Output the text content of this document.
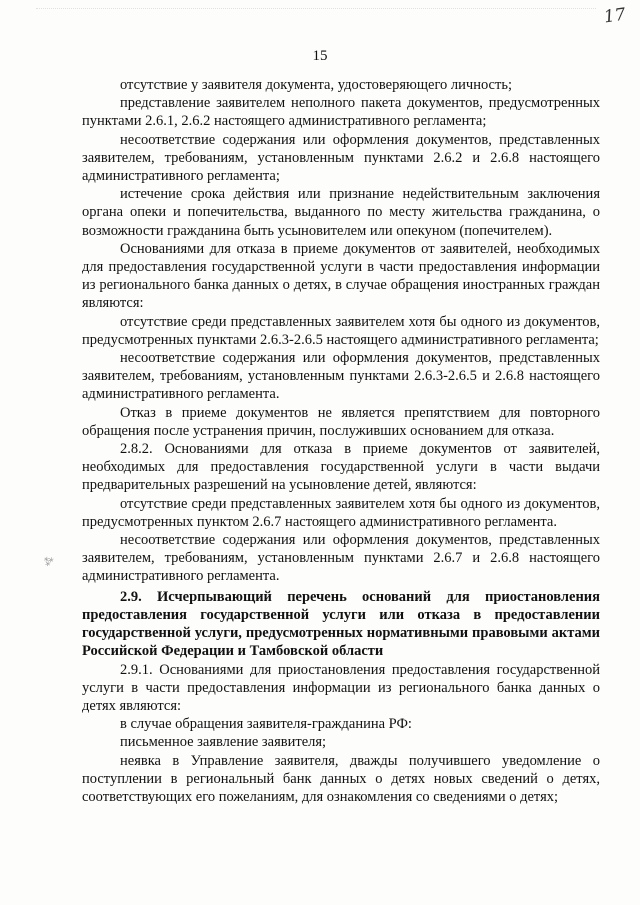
17
15
⁂

отсутствие у заявителя документа, удостоверяющего личность;

представление заявителем неполного пакета документов, предусмотренных пунктами 2.6.1, 2.6.2 настоящего административного регламента;

несоответствие содержания или оформления документов, представленных заявителем, требованиям, установленным пунктами 2.6.2 и 2.6.8 настоящего административного регламента;

истечение срока действия или признание недействительным заключения органа опеки и попечительства, выданного по месту жительства гражданина, о возможности гражданина быть усыновителем или опекуном (попечителем).

Основаниями для отказа в приеме документов от заявителей, необходимых для предоставления государственной услуги в части предоставления информации из регионального банка данных о детях, в случае обращения иностранных граждан являются:

отсутствие среди представленных заявителем хотя бы одного из документов, предусмотренных пунктами 2.6.3-2.6.5 настоящего административного регламента;

несоответствие содержания или оформления документов, представленных заявителем, требованиям, установленным пунктами 2.6.3-2.6.5 и 2.6.8 настоящего административного регламента.

Отказ в приеме документов не является препятствием для повторного обращения после устранения причин, послуживших основанием для отказа.

2.8.2. Основаниями для отказа в приеме документов от заявителей, необходимых для предоставления государственной услуги в части выдачи предварительных разрешений на усыновление детей, являются:

отсутствие среди представленных заявителем хотя бы одного из документов, предусмотренных пунктом 2.6.7 настоящего административного регламента.

несоответствие содержания или оформления документов, представленных заявителем, требованиям, установленным пунктами 2.6.7 и 2.6.8 настоящего административного регламента.

2.9. Исчерпывающий перечень оснований для приостановления предоставления государственной услуги или отказа в предоставлении государственной услуги, предусмотренных нормативными правовыми актами Российской Федерации и Тамбовской области

2.9.1. Основаниями для приостановления предоставления государственной услуги в части предоставления информации из регионального банка данных о детях являются:

в случае обращения заявителя-гражданина РФ:

письменное заявление заявителя;

неявка в Управление заявителя, дважды получившего уведомление о поступлении в региональный банк данных о детях новых сведений о детях, соответствующих его пожеланиям, для ознакомления со сведениями о детях;
